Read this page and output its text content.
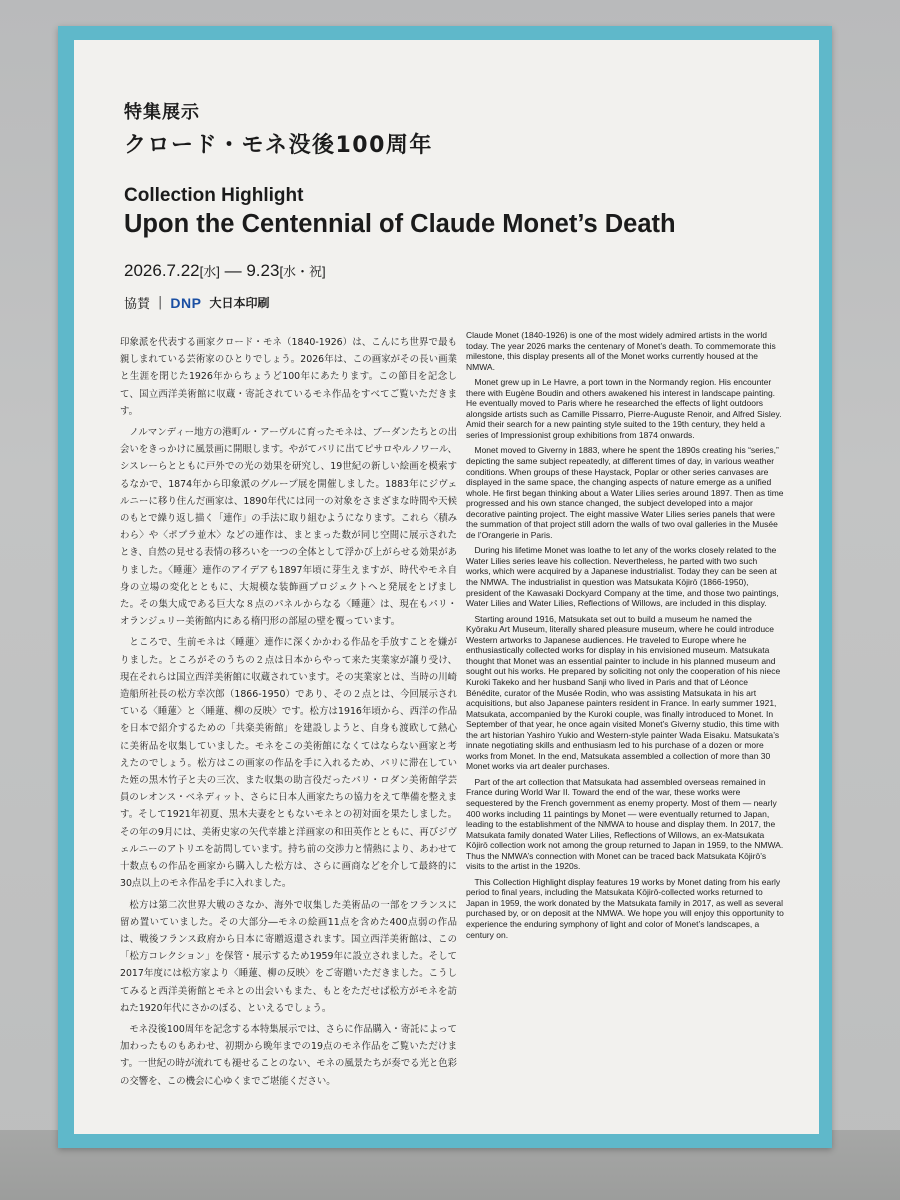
特集展示
クロード・モネ没後100周年
Collection Highlight
Upon the Centennial of Claude Monet’s Death
2026.7.22[水] — 9.23[水・祝]
協賛 | DNP 大日本印刷

印象派を代表する画家クロード・モネ（1840-1926）は、こんにち世界で最も親しまれている芸術家のひとりでしょう。2026年は、この画家がその長い画業と生涯を閉じた1926年からちょうど100年にあたります。この節目を記念して、国立西洋美術館に収蔵・寄託されているモネ作品をすべてご覧いただきます。

ノルマンディー地方の港町ル・アーヴルに育ったモネは、ブーダンたちとの出会いをきっかけに風景画に開眼します。やがてパリに出てピサロやルノワール、シスレーらとともに戸外での光の効果を研究し、19世紀の新しい絵画を模索するなかで、1874年から印象派のグループ展を開催しました。1883年にジヴェルニーに移り住んだ画家は、1890年代には同一の対象をさまざまな時間や天候のもとで繰り返し描く「連作」の手法に取り組むようになります。これら〈積みわら〉や〈ポプラ並木〉などの連作は、まとまった数が同じ空間に展示されたとき、自然の見せる表情の移ろいを一つの全体として浮かび上がらせる効果がありました。〈睡蓮〉連作のアイデアも1897年頃に芽生えますが、時代やモネ自身の立場の変化とともに、大規模な装飾画プロジェクトへと発展をとげました。その集大成である巨大な８点のパネルからなる〈睡蓮〉は、現在もパリ・オランジュリー美術館内にある楕円形の部屋の壁を覆っています。

ところで、生前モネは〈睡蓮〉連作に深くかかわる作品を手放すことを嫌がりました。ところがそのうちの２点は日本からやって来た実業家が譲り受け、現在それらは国立西洋美術館に収蔵されています。その実業家とは、当時の川崎造船所社長の松方幸次郎（1866-1950）であり、その２点とは、今回展示されている〈睡蓮〉と〈睡蓮、柳の反映〉です。松方は1916年頃から、西洋の作品を日本で紹介するための「共楽美術館」を建設しようと、自身も渡欧して熱心に美術品を収集していました。モネをこの美術館になくてはならない画家と考えたのでしょう。松方はこの画家の作品を手に入れるため、パリに滞在していた姪の黒木竹子と夫の三次、また収集の助言役だったパリ・ロダン美術館学芸員のレオンス・ベネディット、さらに日本人画家たちの協力をえて準備を整えます。そして1921年初夏、黒木夫妻をともないモネとの初対面を果たしました。その年の9月には、美術史家の矢代幸雄と洋画家の和田英作とともに、再びジヴェルニーのアトリエを訪問しています。持ち前の交渉力と情熱により、あわせて十数点もの作品を画家から購入した松方は、さらに画商などを介して最終的に30点以上のモネ作品を手に入れました。

松方は第二次世界大戦のさなか、海外で収集した美術品の一部をフランスに留め置いていました。その大部分―モネの絵画11点を含めた400点弱の作品は、戦後フランス政府から日本に寄贈返還されます。国立西洋美術館は、この「松方コレクション」を保管・展示するため1959年に設立されました。そして2017年度には松方家より〈睡蓮、柳の反映〉をご寄贈いただきました。こうしてみると西洋美術館とモネとの出会いもまた、もとをただせば松方がモネを訪ねた1920年代にさかのぼる、といえるでしょう。

モネ没後100周年を記念する本特集展示では、さらに作品購入・寄託によって加わったものもあわせ、初期から晩年までの19点のモネ作品をご覧いただけます。一世紀の時が流れても褪せることのない、モネの風景たちが奏でる光と色彩の交響を、この機会に心ゆくまでご堪能ください。

Claude Monet (1840-1926) is one of the most widely admired artists in the world today. The year 2026 marks the centenary of Monet’s death. To commemorate this milestone, this display presents all of the Monet works currently housed at the NMWA.

Monet grew up in Le Havre, a port town in the Normandy region. His encounter there with Eugène Boudin and others awakened his interest in landscape painting. He eventually moved to Paris where he researched the effects of light outdoors alongside artists such as Camille Pissarro, Pierre-Auguste Renoir, and Alfred Sisley. Amid their search for a new painting style suited to the 19th century, they held a series of Impressionist group exhibitions from 1874 onwards.

Monet moved to Giverny in 1883, where he spent the 1890s creating his “series,” depicting the same subject repeatedly, at different times of day, in various weather conditions. When groups of these Haystack, Poplar or other series canvases are displayed in the same space, the changing aspects of nature emerge as a unified whole. He first began thinking about a Water Lilies series around 1897. Then as time progressed and his own stance changed, the subject developed into a major decorative painting project. The eight massive Water Lilies series panels that were the summation of that project still adorn the walls of two oval galleries in the Musée de l’Orangerie in Paris.

During his lifetime Monet was loathe to let any of the works closely related to the Water Lilies series leave his collection. Nevertheless, he parted with two such works, which were acquired by a Japanese industrialist. Today they can be seen at the NMWA. The industrialist in question was Matsukata Kōjirō (1866-1950), president of the Kawasaki Dockyard Company at the time, and those two paintings, Water Lilies and Water Lilies, Reflections of Willows, are included in this display.

Starting around 1916, Matsukata set out to build a museum he named the Kyōraku Art Museum, literally shared pleasure museum, where he could introduce Western artworks to Japanese audiences. He traveled to Europe where he enthusiastically collected works for display in his envisioned museum. Matsukata thought that Monet was an essential painter to include in his planned museum and sought out his works. He prepared by soliciting not only the cooperation of his niece Kuroki Takeko and her husband Sanji who lived in Paris and that of Léonce Bénédite, curator of the Musée Rodin, who was assisting Matsukata in his art acquisitions, but also Japanese painters resident in France. In early summer 1921, Matsukata, accompanied by the Kuroki couple, was finally introduced to Monet. In September of that year, he once again visited Monet’s Giverny studio, this time with the art historian Yashiro Yukio and Western-style painter Wada Eisaku. Matsukata’s innate negotiating skills and enthusiasm led to his purchase of a dozen or more works from Monet. In the end, Matsukata assembled a collection of more than 30 Monet works via art dealer purchases.

Part of the art collection that Matsukata had assembled overseas remained in France during World War II. Toward the end of the war, these works were sequestered by the French government as enemy property. Most of them — nearly 400 works including 11 paintings by Monet — were eventually returned to Japan, leading to the establishment of the NMWA to house and display them. In 2017, the Matsukata family donated Water Lilies, Reflections of Willows, an ex-Matsukata Kōjirō collection work not among the group returned to Japan in 1959, to the NMWA. Thus the NMWA’s connection with Monet can be traced back Matsukata Kōjirō’s visits to the artist in the 1920s.

This Collection Highlight display features 19 works by Monet dating from his early period to final years, including the Matsukata Kōjirō-collected works returned to Japan in 1959, the work donated by the Matsukata family in 2017, as well as several purchased by, or on deposit at the NMWA. We hope you will enjoy this opportunity to experience the enduring symphony of light and color of Monet’s landscapes, a century on.
